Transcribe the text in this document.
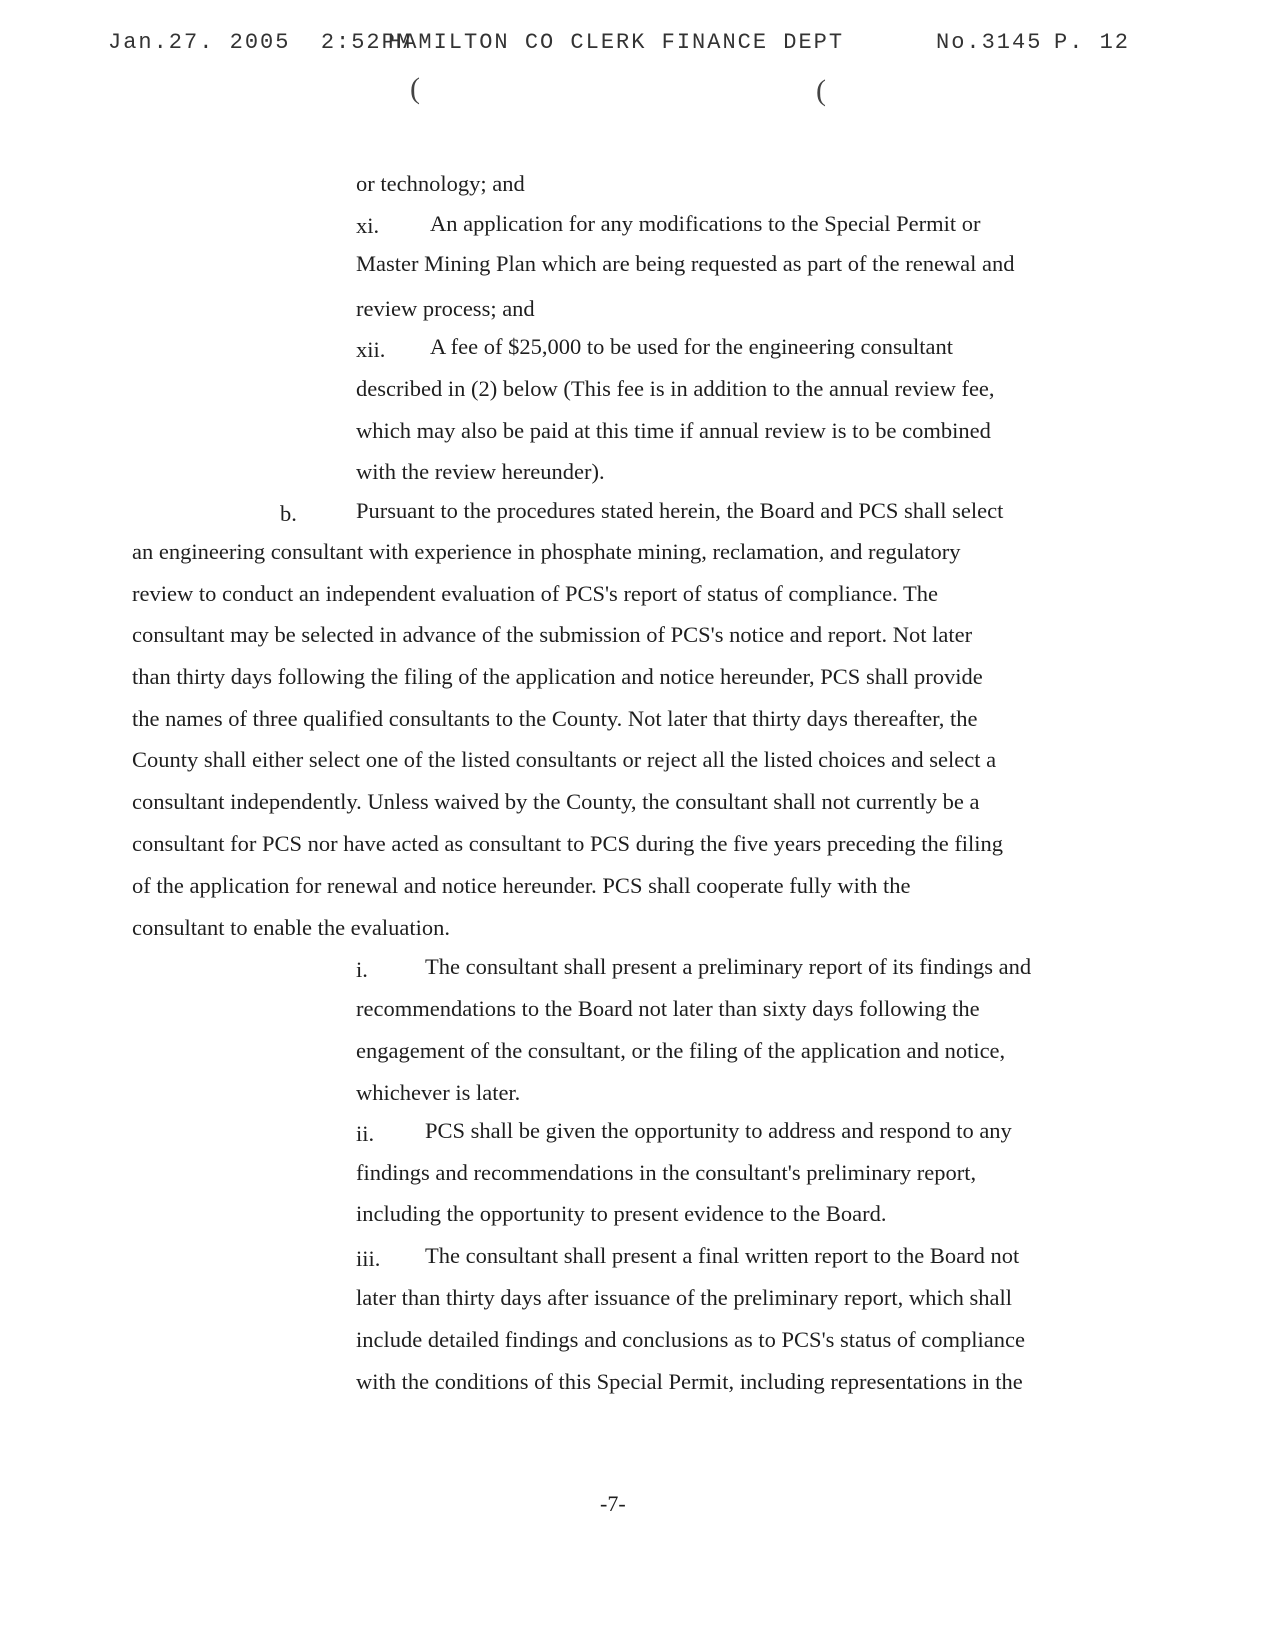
Jan.27. 2005  2:52PM
HAMILTON CO CLERK FINANCE DEPT	No.3145 P. 12
(	(
or technology; and
xi. An application for any modifications to the Special Permit or
Master Mining Plan which are being requested as part of the renewal and
review process; and
xii. A fee of $25,000 to be used for the engineering consultant
described in (2) below (This fee is in addition to the annual review fee,
which may also be paid at this time if annual review is to be combined
with the review hereunder).
b.	Pursuant to the procedures stated herein, the Board and PCS shall select
an engineering consultant with experience in phosphate mining, reclamation, and regulatory
review to conduct an independent evaluation of PCS's report of status of compliance. The
consultant may be selected in advance of the submission of PCS's notice and report. Not later
than thirty days following the filing of the application and notice hereunder, PCS shall provide
the names of three qualified consultants to the County. Not later that thirty days thereafter, the
County shall either select one of the listed consultants or reject all the listed choices and select a
consultant independently. Unless waived by the County, the consultant shall not currently be a
consultant for PCS nor have acted as consultant to PCS during the five years preceding the filing
of the application for renewal and notice hereunder. PCS shall cooperate fully with the
consultant to enable the evaluation.
i.	The consultant shall present a preliminary report of its findings and
recommendations to the Board not later than sixty days following the
engagement of the consultant, or the filing of the application and notice,
whichever is later.
ii. PCS shall be given the opportunity to address and respond to any
findings and recommendations in the consultant's preliminary report,
including the opportunity to present evidence to the Board.
iii. The consultant shall present a final written report to the Board not
later than thirty days after issuance of the preliminary report, which shall
include detailed findings and conclusions as to PCS's status of compliance
with the conditions of this Special Permit, including representations in the
-7-
